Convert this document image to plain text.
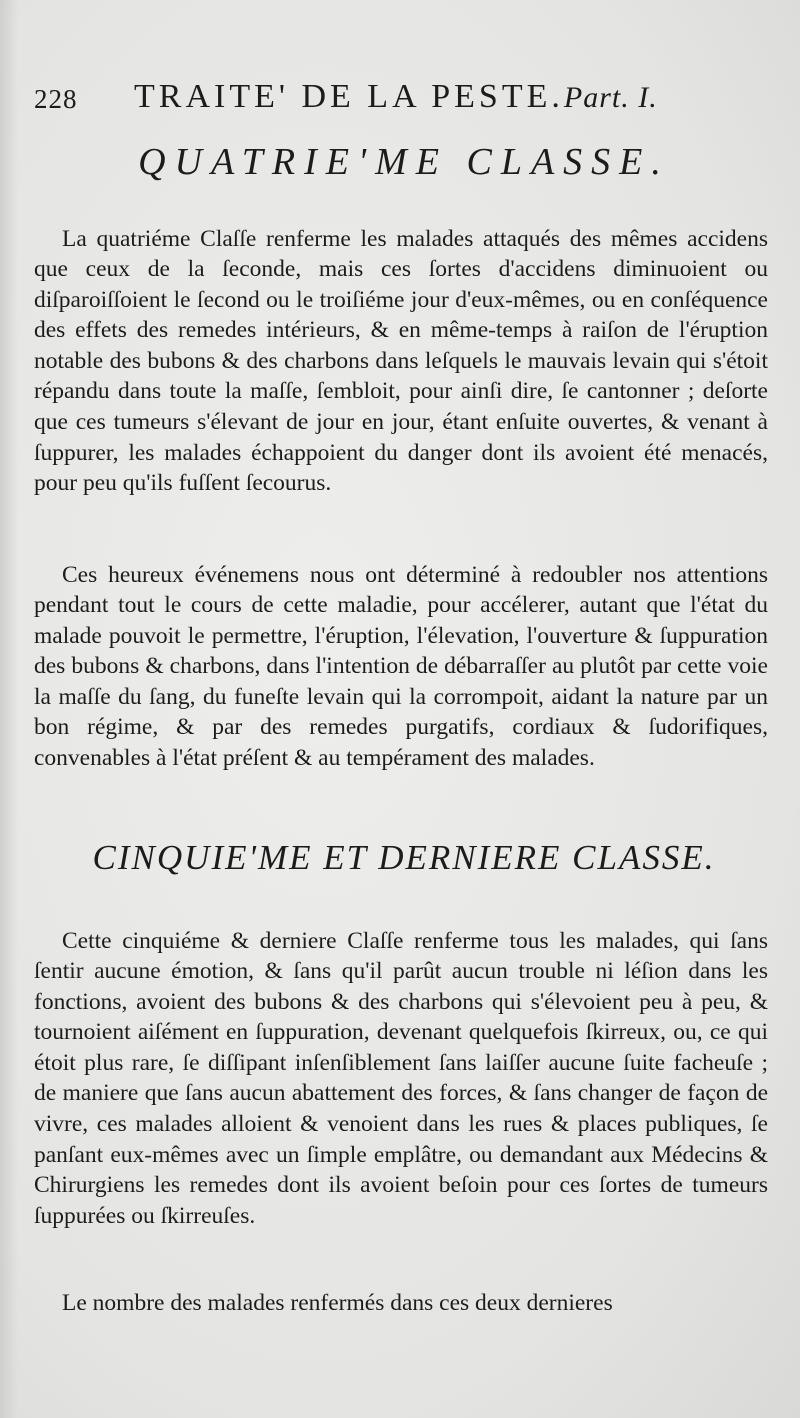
228 TRAITE' DE LA PESTE.Part. I.
QUATRIE'ME CLASSE.

La quatriéme Claſſe renferme les malades attaqués des mêmes accidens que ceux de la ſeconde, mais ces ſortes d'accidens diminuoient ou diſparoiſſoient le ſecond ou le troiſiéme jour d'eux-mêmes, ou en conſéquence des effets des remedes intérieurs, & en même-temps à raiſon de l'éruption notable des bubons & des charbons dans leſquels le mauvais levain qui s'étoit répandu dans toute la maſſe, ſembloit, pour ainſi dire, ſe cantonner ; deſorte que ces tumeurs s'élevant de jour en jour, étant enſuite ouvertes, & venant à ſuppurer, les malades échappoient du danger dont ils avoient été menacés, pour peu qu'ils fuſſent ſecourus.

Ces heureux événemens nous ont déterminé à redoubler nos attentions pendant tout le cours de cette maladie, pour accélerer, autant que l'état du malade pouvoit le permettre, l'éruption, l'élevation, l'ouverture & ſuppuration des bubons & charbons, dans l'intention de débarraſſer au plutôt par cette voie la maſſe du ſang, du funeſte levain qui la corrompoit, aidant la nature par un bon régime, & par des remedes purgatifs, cordiaux & ſudorifiques, convenables à l'état préſent & au tempérament des malades.

CINQUIE'ME ET DERNIERE CLASSE.

Cette cinquiéme & derniere Claſſe renferme tous les malades, qui ſans ſentir aucune émotion, & ſans qu'il parût aucun trouble ni léſion dans les fonctions, avoient des bubons & des charbons qui s'élevoient peu à peu, & tournoient aiſément en ſuppuration, devenant quelquefois ſkirreux, ou, ce qui étoit plus rare, ſe diſſipant inſenſiblement ſans laiſſer aucune ſuite facheuſe ; de maniere que ſans aucun abattement des forces, & ſans changer de façon de vivre, ces malades alloient & venoient dans les rues & places publiques, ſe panſant eux-mêmes avec un ſimple emplâtre, ou demandant aux Médecins & Chirurgiens les remedes dont ils avoient beſoin pour ces ſortes de tumeurs ſuppurées ou ſkirreuſes.

Le nombre des malades renfermés dans ces deux dernieres
